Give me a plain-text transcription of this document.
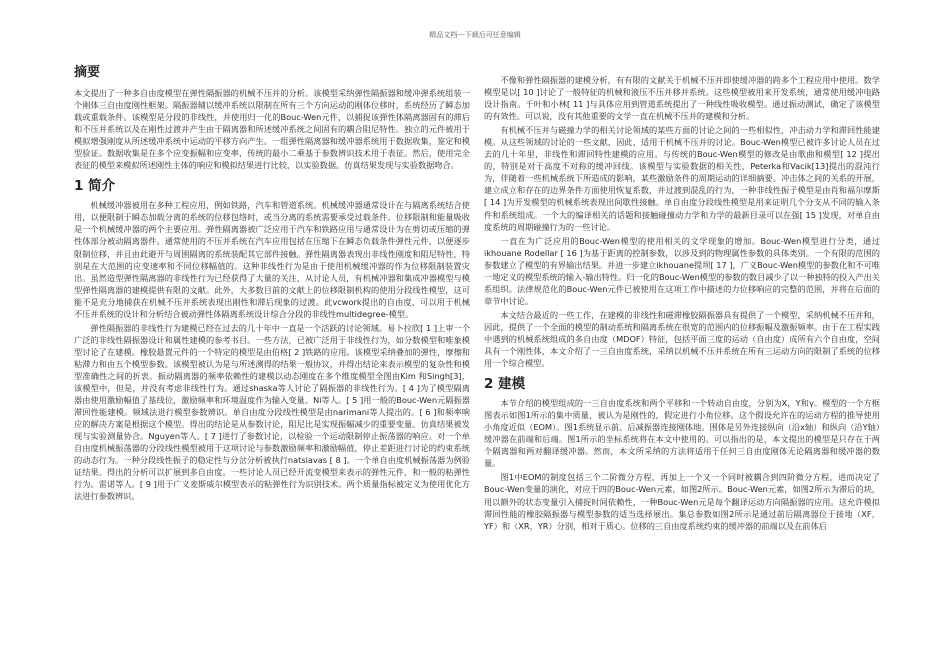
精品文档---下载后可任意编辑
摘要

本文提出了一种多自由度模型在弹性隔振器的机械不压并的分析。该模型采纳弹性隔振器和缓冲弹系统组装一个刚体三自由度刚性框架。隔振器辅以缓冲系统以限制在所有三个方向运动的刚体位移时，系统经历了瞬态加载或重载条件。该模型是分段的非线性，并使用归一化的Bouc-Wen元件，以捕捉该弹性体隔离器固有的滞后和不压并系统以及在刚性过渡并产生由于隔离器和所述缓冲系统之间固有的耦合阻尼特性。独立的元件被用于模拟增强刚度从所述缓冲系统中运动的平移方向产生。一组弹性隔离器和缓冲器系统用于数据收集，鉴定和模型验证。数据收集是在多个应变振幅和应变率，传统的最小二乘基于参数辨识技术用于表征。然后，使用完全表征的模型来模拟所述刚性主体的响应和模拟结果进行比较，以实验数据。仿真结果发现与实验数据吻合。

1 简介

机械缓冲器被用在多种工程应用，例如铁路，汽车和管道系统。机械缓冲器通常设计在与隔离系统结合使用，以便限制于瞬态加载分离的系统的位移包络时，或当分离的系统需要承受过载条件。位移限制和能量吸收是一个机械缓冲器的两个主要应用。弹性隔离器被广泛应用于汽车和铁路应用与通常设计为在剪切或压缩的弹性体部分被动隔离器件。通常使用的不压并系统在汽车应用包括在压缩下在瞬态负载条件弹性元件，以便逐步限制位移，并且由此避开与周围隔离的系统装配其它部件接触。弹性隔离器表现出非线性刚度和阻尼特性，特别是在大范围的应变速率和不同位移幅值的。这种非线性行为是由于使用机械缓冲器的作为位移限制装置灾出。虽然造型弹性隔离器的非线性行为已经获得了大量的关注，从讨论人员，有机械冲器和集成冲器模型与模型弹性隔离器的建模提供有限的文献。此外，大多数目前的文献上的位移限制机构的使用分段线性模型，这可能不是充分地捕获在机械不压并系统表现出刚性和滞后现象的过渡。此vcwork提出的自由度，可以用于机械不压并系统的设计和分析结合被动弹性体隔离系统设计综合分段的非线性multidegree-模型。

弹性隔振器的非线性行为建模已经在过去的几十年中一直是一个活跃的讨论领域。易卜拉欣[ 1 ]上审一个广泛的非线性隔振器设计和属性建模的参考书目。一些方法，已被广泛用于非线性行为，如分数模型和唯象模型讨论了在建模。橡胶悬置元件的一个特定的模型是由伯格[ 2 ]铁路的应用。该模型采纳叠加的弹性，摩擦和粘滞力和由五个模型参数。该模型被认为是与所述测得的结果一般协议，并得出结论来表示模型的复杂性和模型准确性之间的折衷。振动隔离器的频率依赖性的建模以动态刚度在多个维度模型全图由Kim 和Singh[3]，该模型中，但是，并没有考虑非线性行为。通过shaska等人讨论了隔振器的非线性行为。[ 4 ]为了模型隔离器由使用激励幅值了基线位，激励频率和环境温度作为输入变量。Ni等人。[ 5 ]用一般的Bouc-Wen元隔振器滞回性能建模。频域法进行模型参数辨识。单自由度分段线性模型是由narimani等人提出的。[ 6 ]和频率响应的解决方案是根据这个模型。得出的结论是从参数讨论，阻尼比是实现振幅减少的重要变量。仿真结果被发现与实验测量协合。Nguyen等人。[ 7 ]进行了参数讨论，以检验一个运动限制停止振荡器的响应。对一个单自由度机械振荡器的分段线性模型被用于这项讨论与参数激励频率和激励幅值，停止差距进行讨论的约束系统的动态行为。一种分段线性振子的稳定性与分岔分析被执行natsiavas [ 8 ]。一个单自由度机械振荡器为例验证结果。得出的分析可以扩展到多自由度。一些讨论人员已经开流变模型来表示的弹性元件，和一般的粘弹性行为。雷诺等人。[ 9 ]用于广义麦斯威尔模型表示的粘弹性行为识别技术。两个质量指标被定义为使用优化方法进行参数辨识。

不像和弹性隔振器的建模分析，有有限的文献关于机械不压并即使缓冲器的跨多个工程应用中使用。数学模型是以[ 10 ]讨论了一般特征的机械和液压不压并移并系统。这些模型被用来开发系统，通常使用缓冲电路设计指南。千叶和小林[ 11 ]与具体应用到管道系统提出了一种线性吸收模型。通过振动测试，确定了该模型的有效性。可以说，没有其他重要的文学一直在机械不压并的建模和分析。

有机械不压并与磁撞力学的相关讨论领域的某些方面的讨论之间的一些相似性，冲击动力学和滞回性能建模。从这些领域的讨论的一些文献，因此，适用于机械不压并的讨论。Bouc-Wen模型已被许多讨论人员在过去的几十年里，非线性和滞回特性建模的应用。与传统的Bouc-Wen模型的修改是由歌曲和模型[ 12 ]提出的，特别是对于高度不对称的缓冲回线。该模型与实验数据的相关性，Peterka和Vacik[13]提出的混沌行为，伴随着一些机械系统下所造成的影响，某些激励条件的周期运动的详细摘要。冲击体之间的关系的开展，建立成立和存在的边界条件方面使用恢复系数，并过渡到混乱的行为，一种非线性振子模型是由肖和福尔摩斯[ 14 ]为开发模型的机械系统表现出间歇性接触。单自由度分段线性模型是用来证明几个分支从不同的输入条件和系统组成。一个大的编译相关的话题和接触碰撞动力学和力学的最新目录可以在强[ 15 ]发现，对单自由度系统的周期碰撞行为的一些讨论。

一直在为广泛应用的Bouc-Wen模型的使用相关的文学现象的增加。Bouc-Wen模型进行分类，通过ikhouane Rodellar [ 16 ]为基于距离的控制参数，以涉及到的物理属性参数的具体类别。一个有限的范围的参数建立了模型的有界输出结果。并进一步建立ikhouane提坝[ 17 ]，广义Bouc-Wen模型的参数化和不可唯一地定义的模型系统的输入-输出特性。归一化的Bouc-Wen模型的参数的数目减少了以一种独特的投入产出关系组织。法律规范化的Bouc-Wen元件已被使用在这项工作中描述的力位移响应的完整的范围，并将在后面的章节中讨论。

本文结合最近的一些工作，在建模的非线性和磁滞橡胶隔振器具有提供了一个模型，采纳机械不压并和，因此，提供了一个全面的模型的制动系统和隔离系统在很宽的范围内的位移振幅及激振频率。由于在工程实践中遇到的机械系统组成的多自由度（MDOF）特征，包括平面三度的运动（自由度）成所有六个自由度，空间具有一个刚性体，本文介绍了一三自由度系统，采纳以机械不压并系统在所有三运动方向的限制了系统的位移用一个综合模型。

2 建模

本节介绍的模型组成的一三自由度系统和两个平移和一个转动自由度，分别为X，Y和γ。模型的一个方框图表示如图1所示的集中质量，被认为是刚性的，假定进行小角位移。这个假设允许在的运动方程的推导使用小角度近似（EOM）。图1系统显示前、后减振器连接刚体地。围体是另外连接纵向（沿x轴）和纵向（沿Y轴）缓冲器在前端和后端。图1所示的坐标系统将在本文中使用的。可以指出的是，本文提出的模型是只存在于两个隔离器和两对翻译缓冲器。然而，本文所采纳的方法将适用于任何三自由度刚体无论隔离器和缓冲器的数量。

图1中EOM的制度包括三个二阶微分方程，再加上一个又一个同时被耦合到四阶微分方程，进而决定了Bouc-Wen变量的演化，对应于四的Bouc-Wen元素，如图2所示。Bouc-Wen元素，如图2所示为滞后的块，用以额外的状态变量引入捕捉时间依赖性，一种Bouc-Wen元是每个翻译运动方向隔振器的应用。这允许模拟滞回性能的橡胶隔振器与模型参数的适当选择展出。集总参数如图2所示是通过前后隔离器位于接地（XF，YF）和（XR，YR）分别，相对于质心。位移的三自由度系统约束的缓冲器的前端以及在前体后
